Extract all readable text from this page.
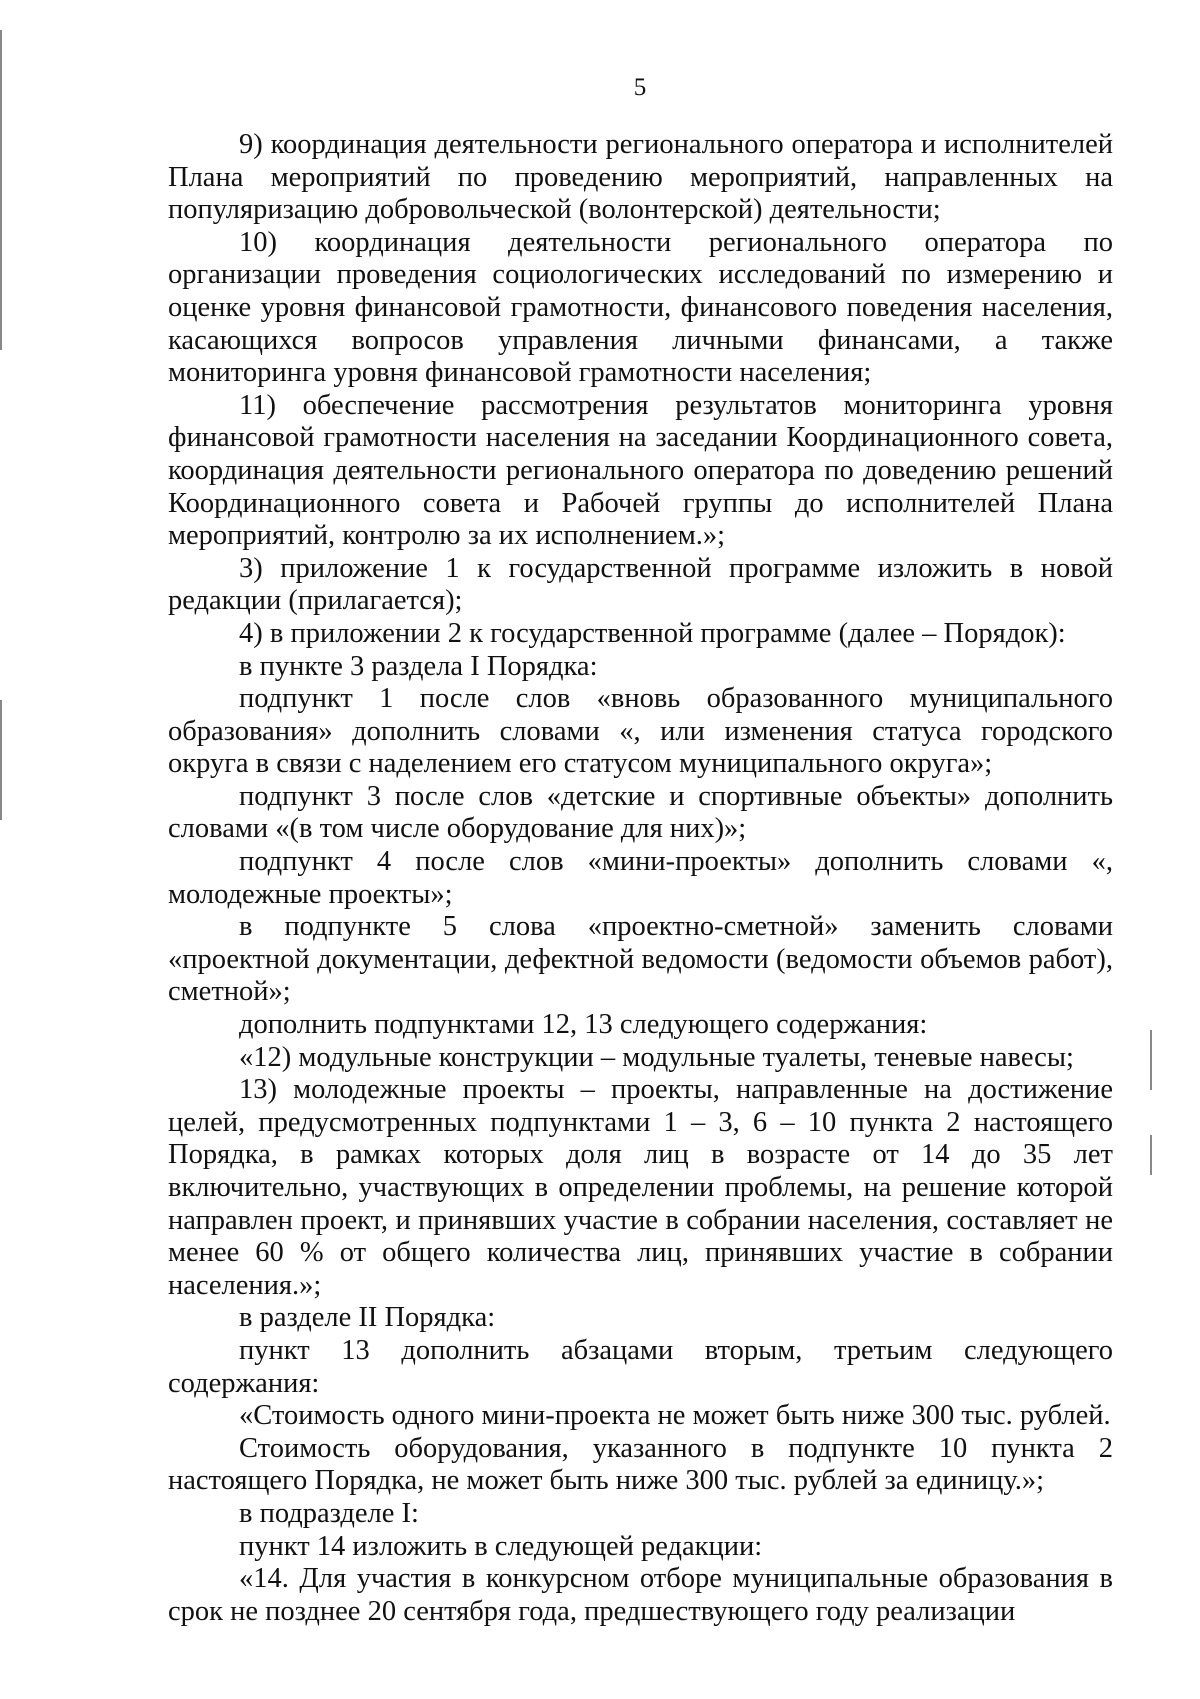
5

9) координация деятельности регионального оператора и исполнителей Плана мероприятий по проведению мероприятий, направленных на популяризацию добровольческой (волонтерской) деятельности;

10) координация деятельности регионального оператора по организации проведения социологических исследований по измерению и оценке уровня финансовой грамотности, финансового поведения населения, касающихся вопросов управления личными финансами, а также мониторинга уровня финансовой грамотности населения;

11) обеспечение рассмотрения результатов мониторинга уровня финансовой грамотности населения на заседании Координационного совета, координация деятельности регионального оператора по доведению решений Координационного совета и Рабочей группы до исполнителей Плана мероприятий, контролю за их исполнением.»;

3) приложение 1 к государственной программе изложить в новой редакции (прилагается);

4) в приложении 2 к государственной программе (далее – Порядок):

в пункте 3 раздела I Порядка:

подпункт 1 после слов «вновь образованного муниципального образования» дополнить словами «, или изменения статуса городского округа в связи с наделением его статусом муниципального округа»;

подпункт 3 после слов «детские и спортивные объекты» дополнить словами «(в том числе оборудование для них)»;

подпункт 4 после слов «мини-проекты» дополнить словами «, молодежные проекты»;

в подпункте 5 слова «проектно-сметной» заменить словами «проектной документации, дефектной ведомости (ведомости объемов работ), сметной»;

дополнить подпунктами 12, 13 следующего содержания:

«12) модульные конструкции – модульные туалеты, теневые навесы;

13) молодежные проекты – проекты, направленные на достижение целей, предусмотренных подпунктами 1 – 3, 6 – 10 пункта 2 настоящего Порядка, в рамках которых доля лиц в возрасте от 14 до 35 лет включительно, участвующих в определении проблемы, на решение которой направлен проект, и принявших участие в собрании населения, составляет не менее 60 % от общего количества лиц, принявших участие в собрании населения.»;

в разделе II Порядка:

пункт 13 дополнить абзацами вторым, третьим следующего содержания:

«Стоимость одного мини-проекта не может быть ниже 300 тыс. рублей.

Стоимость оборудования, указанного в подпункте 10 пункта 2 настоящего Порядка, не может быть ниже 300 тыс. рублей за единицу.»;

в подразделе I:

пункт 14 изложить в следующей редакции:

«14. Для участия в конкурсном отборе муниципальные образования в срок не позднее 20 сентября года, предшествующего году реализации
